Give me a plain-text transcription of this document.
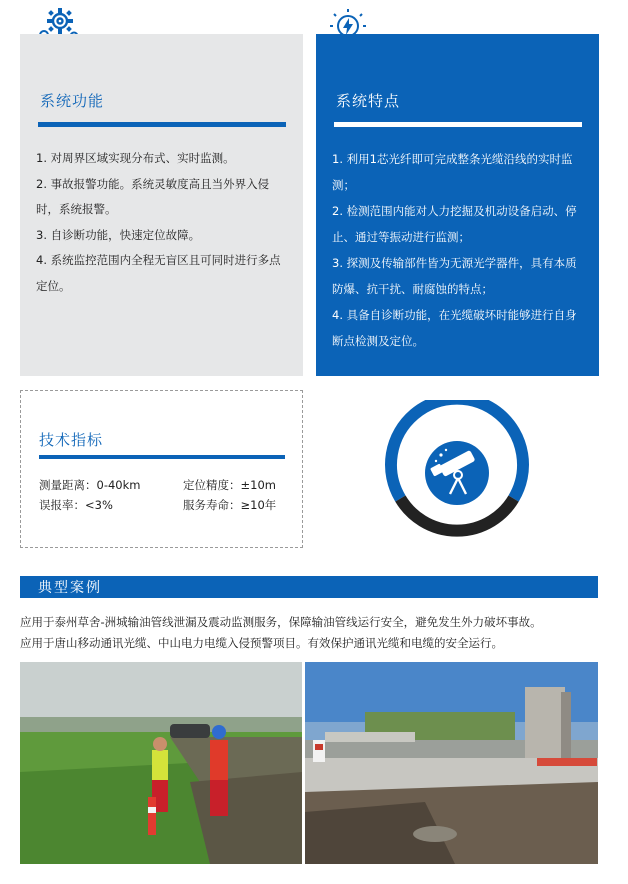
系统功能
1. 对周界区域实现分布式、实时监测。
2. 事故报警功能。系统灵敏度高且当外界入侵时，系统报警。
3. 自诊断功能，快速定位故障。
4. 系统监控范围内全程无盲区且可同时进行多点定位。
系统特点
1. 利用1芯光纤即可完成整条光缆沿线的实时监测；
2. 检测范围内能对人力挖掘及机动设备启动、停止、通过等振动进行监测；
3. 探测及传输部件皆为无源光学器件，具有本质防爆、抗干扰、耐腐蚀的特点；
4. 具备自诊断功能，在光缆破坏时能够进行自身断点检测及定位。
技术指标
测量距离：0-40km	定位精度：±10m
误报率：<3%	服务寿命：≥10年
典型案例
应用于泰州草舍-洲城输油管线泄漏及震动监测服务，保障输油管线运行安全，避免发生外力破坏事故。
应用于唐山移动通讯光缆、中山电力电缆入侵预警项目。有效保护通讯光缆和电缆的安全运行。
